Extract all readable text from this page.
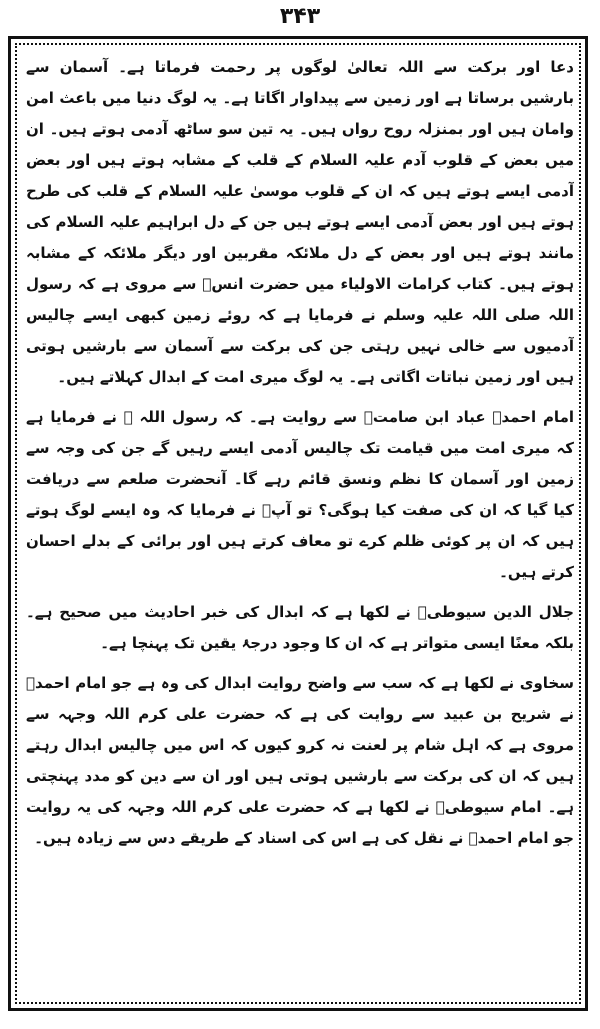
۳۴۳

دعا اور برکت سے اللہ تعالیٰ لوگوں پر رحمت فرماتا ہے۔ آسمان سے بارشیں برساتا ہے اور زمین سے پیداوار اگاتا ہے۔ یہ لوگ دنیا میں باعث امن وامان ہیں اور بمنزلہ روح رواں ہیں۔ یہ تین سو ساٹھ آدمی ہوتے ہیں۔ ان میں بعض کے قلوب آدم علیہ السلام کے قلب کے مشابہ ہوتے ہیں اور بعض آدمی ایسے ہوتے ہیں کہ ان کے قلوب موسیٰ علیہ السلام کے قلب کی طرح ہوتے ہیں اور بعض آدمی ایسے ہوتے ہیں جن کے دل ابراہیم علیہ السلام کی مانند ہوتے ہیں اور بعض کے دل ملائکہ مقربین اور دیگر ملائکہ کے مشابہ ہوتے ہیں۔ کتاب کرامات الاولیاء میں حضرت انسؓ سے مروی ہے کہ رسول اللہ صلی اللہ علیہ وسلم نے فرمایا ہے کہ روئے زمین کبھی ایسے چالیس آدمیوں سے خالی نہیں رہتی جن کی برکت سے آسمان سے بارشیں ہوتی ہیں اور زمین نباتات اگاتی ہے۔ یہ لوگ میری امت کے ابدال کہلاتے ہیں۔

امام احمدؒ عباد ابن صامتؓ سے روایت ہے۔ کہ رسول اللہ ﷺ نے فرمایا ہے کہ میری امت میں قیامت تک چالیس آدمی ایسے رہیں گے جن کی وجہ سے زمین اور آسمان کا نظم ونسق قائم رہے گا۔ آنحضرت صلعم سے دریافت کیا گیا کہ ان کی صفت کیا ہوگی؟ تو آپؐ نے فرمایا کہ وہ ایسے لوگ ہوتے ہیں کہ ان پر کوئی ظلم کرے تو معاف کرتے ہیں اور برائی کے بدلے احسان کرتے ہیں۔

جلال الدین سیوطیؒ نے لکھا ہے کہ ابدال کی خبر احادیث میں صحیح ہے۔ بلکہ معنًا ایسی متواتر ہے کہ ان کا وجود درجۂ یقین تک پہنچا ہے۔

سخاوی نے لکھا ہے کہ سب سے واضح روایت ابدال کی وہ ہے جو امام احمدؒ نے شریح بن عبید سے روایت کی ہے کہ حضرت علی کرم اللہ وجہہ سے مروی ہے کہ اہل شام پر لعنت نہ کرو کیوں کہ اس میں چالیس ابدال رہتے ہیں کہ ان کی برکت سے بارشیں ہوتی ہیں اور ان سے دین کو مدد پہنچتی ہے۔ امام سیوطیؒ نے لکھا ہے کہ حضرت علی کرم اللہ وجہہ کی یہ روایت جو امام احمدؒ نے نقل کی ہے اس کی اسناد کے طریقے دس سے زیادہ ہیں۔
